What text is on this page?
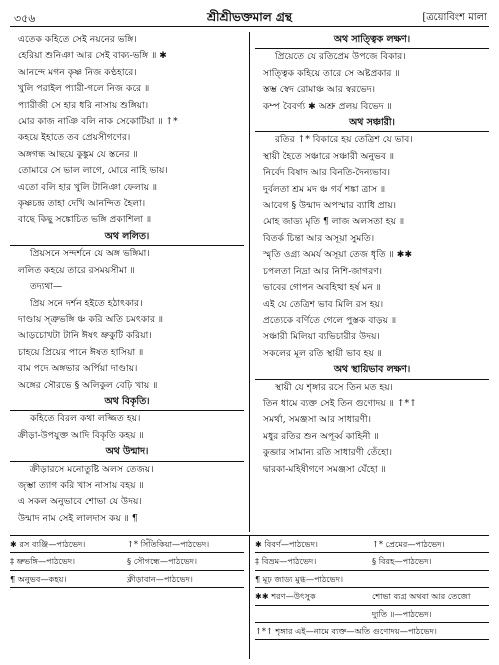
৩৫৬	শ্রীশ্রীভক্তমাল গ্রন্থ	[ত্রয়োবিংশ মালা
এতেক কহিতে সেই নয়নের ভঙ্গি।
হেরিয়া শুনিঞা আর সেই বাক্য-ভঙ্গি ॥ ✱
আনন্দে মগন কৃষ্ণ নিজ কণ্ঠহারে।
খুলি পরাইল প্যারী-গলে নিজ করে ॥
প্যারীজী সে হার ধরি নাসায় শুঙ্গিয়া।
মোর কাজ নাঞি বলি নাক সেকোটিয়া ॥ ↑*
কহয়ে ইহাতে তব প্রেয়সীগণের।
অঙ্গগন্ধ আছয়ে কুঙ্কুম যে স্তনের ॥
তোমারে সে ভাল লাগে, মোরে নাহি ভায়।
এতো বলি হার খুলি টানিঞা ফেলায় ॥
কৃষ্ণচন্দ্র তাহা দেখি আনন্দিত হৈলা।
বাছে কিছু সঙ্কোচিত ভঙ্গি প্রকাশিলা ॥
অথ ললিত।
প্রিয়সনে সন্দর্শনে যে অঙ্গ ভঙ্গিমা।
ললিত কহয়ে তারে রসময়সীমা ॥
তদ্যথা—
প্রিয় সনে দর্শন হইতে হঠাৎকার।
দাণ্ডায় স্ত্রুভঙ্গি ঞ্চ করি অতি চমৎকার ॥
আড়চোখটা টানি ঈষৎ ভ্রুকুটি করিয়া।
চাহয়ে প্রিয়ের পানে ঈষত হাসিয়া ॥
বাম পদে অঙ্গভার অর্পিয়া দাণ্ডায়।
অঙ্গের সৌরভে § অলিকুল বেঢ়ি খায় ॥
অথ বিকৃতি।
কহিতে বিরল কথা লজ্জিত হয়।
ক্রীড়া-উপযুক্ত আদি বিকৃতি কহয় ॥
অথ উন্মাদ।
ক্রীড়ারসে মনোতুষ্টি অলস তেজয়।
জৃম্ভা ত্যাগ করি খাস নাসায় বহয় ॥
এ সকল অনুভাবে শোভা যে উদয়।
উন্মাদ নাম সেই লালদাস কয় ॥ ¶
অথ সাত্ত্বিক লক্ষণ।
প্রিয়েতে যে রতিপ্রেম উপজে বিকার।
সাত্ত্বিক কহিয়ে তারে সে অষ্টপ্রকার ॥
স্তম্ভ স্বেদ রোমাঞ্চ আর স্বরভেদ।
কম্প বৈবর্ণ্য ✱ অশ্রু প্রলয় বিভেদ ॥
অথ সঞ্চারী।
রতির ↑* বিকারে হয় তেত্রিশ যে ভাব।
স্থায়ী হৈতে সঞ্চারে সঞ্চারী অনুভব ॥
নির্বেদ বিষাদ আর বিনতি-দৈন্যভাব।
দুর্বলতা শ্রম মদ ঞ্চ গর্ব শঙ্কা ত্রাস ॥
আবেগ § উন্মাদ অপস্মার ব্যাধি প্রায়।
মোহ জাড্য মৃতি ¶ লাজ অলসতা হয় ॥
বিতর্ক চিন্তা আর অসূয়া সুমতি।
স্মৃতি ওগ্র্য অমর্য অসূয়া তেজ ধৃতি ॥ ✱✱
চপলতা নিদ্রা আর নিশি-জাগরণ।
ভাবের গোপন অবহিত্থা হর্ষ মন ॥
এই যে তেত্রিশ ভাব মিলি রস হয়।
প্রত্যেকে বর্ণিতে গেলে পুস্তক বাড়য় ॥
সঞ্চারী মিলিয়া ব্যভিচারীর উদয়।
সকলের মূল রতি স্থায়ী ভাব হয় ॥
অথ স্থায়িভাব লক্ষণ।
স্থায়ী যে শৃঙ্গার রসে তিন মত হয়।
তিন ধামে ব্যক্ত সেই তিন গুণোদয় ॥ ↑*↑
সমর্থা, সমঞ্জসা আর সাধারণী।
মধুর রতির শুন অপূর্ব্ব কাহিনী ॥
কুব্জার সামান্য রতি সাধারণী তেঁহো।
দ্বারকা-মহিষীগণে সমঞ্জসা যেঁহো ॥
✱ রস ব্যঞ্জি—পাঠভেদ।	↑* সিঁতিকিয়া—পাঠভেদ।
‡ ভ্রুভঙ্গি—পাঠভেদ।	§ সৌগন্ধে—পাঠভেদ।
¶ অনুভব—কহয়।	ক্লীড়াবান—পাঠভেদ।
✱ বিবর্ণ—পাঠভেদ।	↑* প্রেমের—পাঠভেদ।
‡ বিভ্রম—পাঠভেদ।	§ বিরহ—পাঠভেদ।
¶ মূঢ় জাড্য মুগ্ধ—পাঠভেদ।
✱✱ শরণ—উৎসুক	শোভা ব্যগ্র অথবা আর তেজো
দ্যুতি ॥—পাঠভেদ।
↑*↑ শৃঙ্গার এই—নামে ব্যক্ত—অতি গুণোদয়—পাঠভেদ।
